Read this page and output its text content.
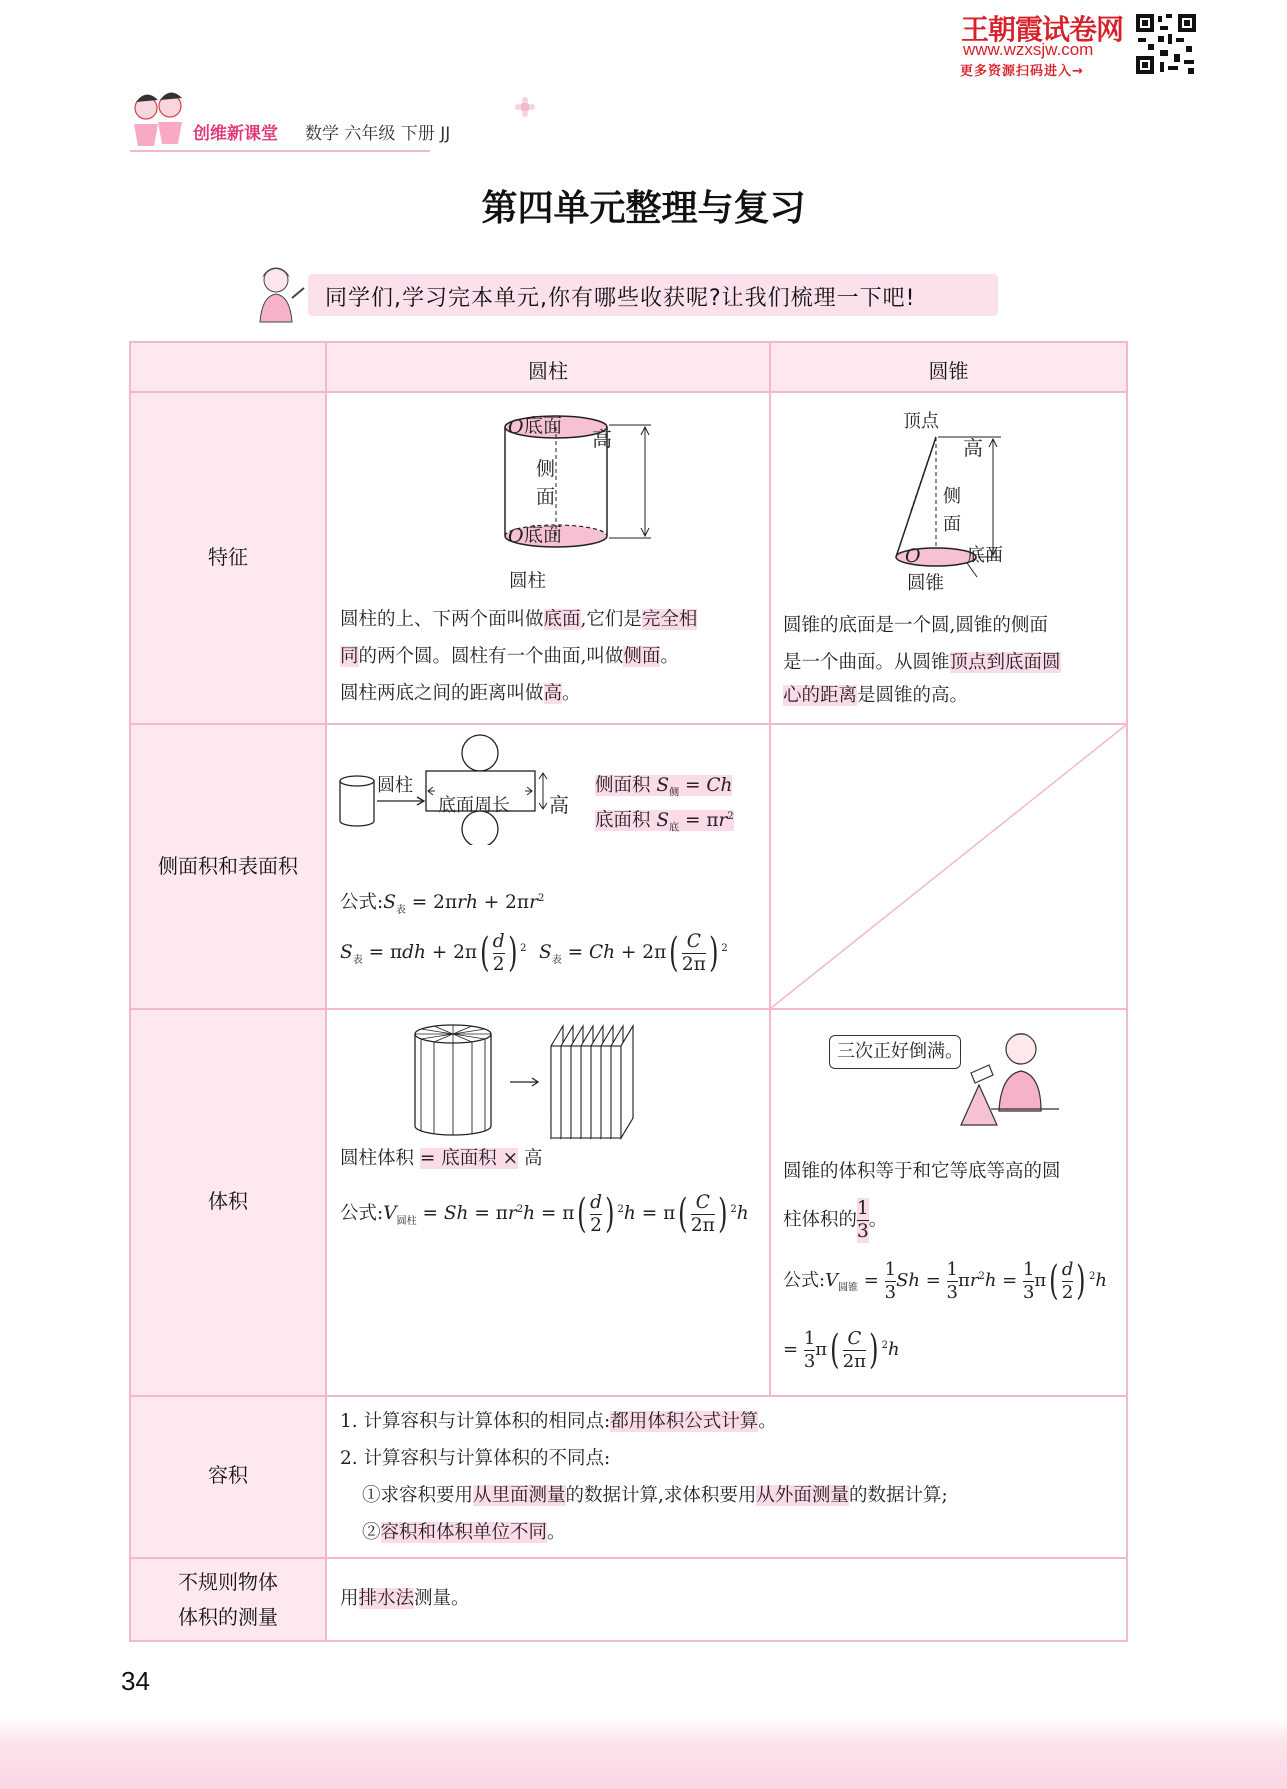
王朝霞试卷网
www.wzxsjw.com
更多资源扫码进入→
创维新课堂 数学 六年级 下册 JJ
第四单元整理与复习
同学们,学习完本单元,你有哪些收获呢?让我们梳理一下吧!
圆柱	圆锥
特征
侧面积和表面积
体积
容积
不规则物体
体积的测量
O 底面
O 底面
侧面
高
圆柱
圆柱的上、下两个面叫做底面,它们是完全相
同的两个圆。圆柱有一个曲面,叫做侧面。
圆柱两底之间的距离叫做高。
顶点
侧面
高
O	底面
圆锥
圆锥的底面是一个圆,圆锥的侧面
是一个曲面。从圆锥顶点到底面圆
心的距离是圆锥的高。
圆柱
底面周长 高
侧面积 $S_侧 = Ch$
底面积 $S_底 = \pi r^2$
公式$:S_表 = 2\pi rh + 2\pi r^2$
$S_表 = \pi dh + 2\pi( \frac{d}{2}$ ) $^2$ $S_表 = Ch + 2\pi( \frac{C}{2\pi}$ ) $^2$
圆柱体积 = 底面积 × 高
公式$:V_{圆柱} = Sh = \pi r^2h = \pi( \frac{d}{2}$ ) $^2h = \pi( \frac{C}{2\pi}$ ) $^2$h
三次正好倒满。
圆锥的体积等于和它等底等高的圆
柱体积的1

3
。
公式$:V_{圆锥} = 1$

3
Sh = 1

3
$\pi r^2h = 1$

3
$\pi( \frac{d}{2}$ ) $^2$h
= 1

3
$\pi( \frac{C}{2\pi}$ ) $^2$h
1. 计算容积与计算体积的相同点:都用体积公式计算。
2. 计算容积与计算体积的不同点:
①求容积要用从里面测量的数据计算,求体积要用从外面测量的数据计算;
②容积和体积单位不同。
用排水法测量。
34
